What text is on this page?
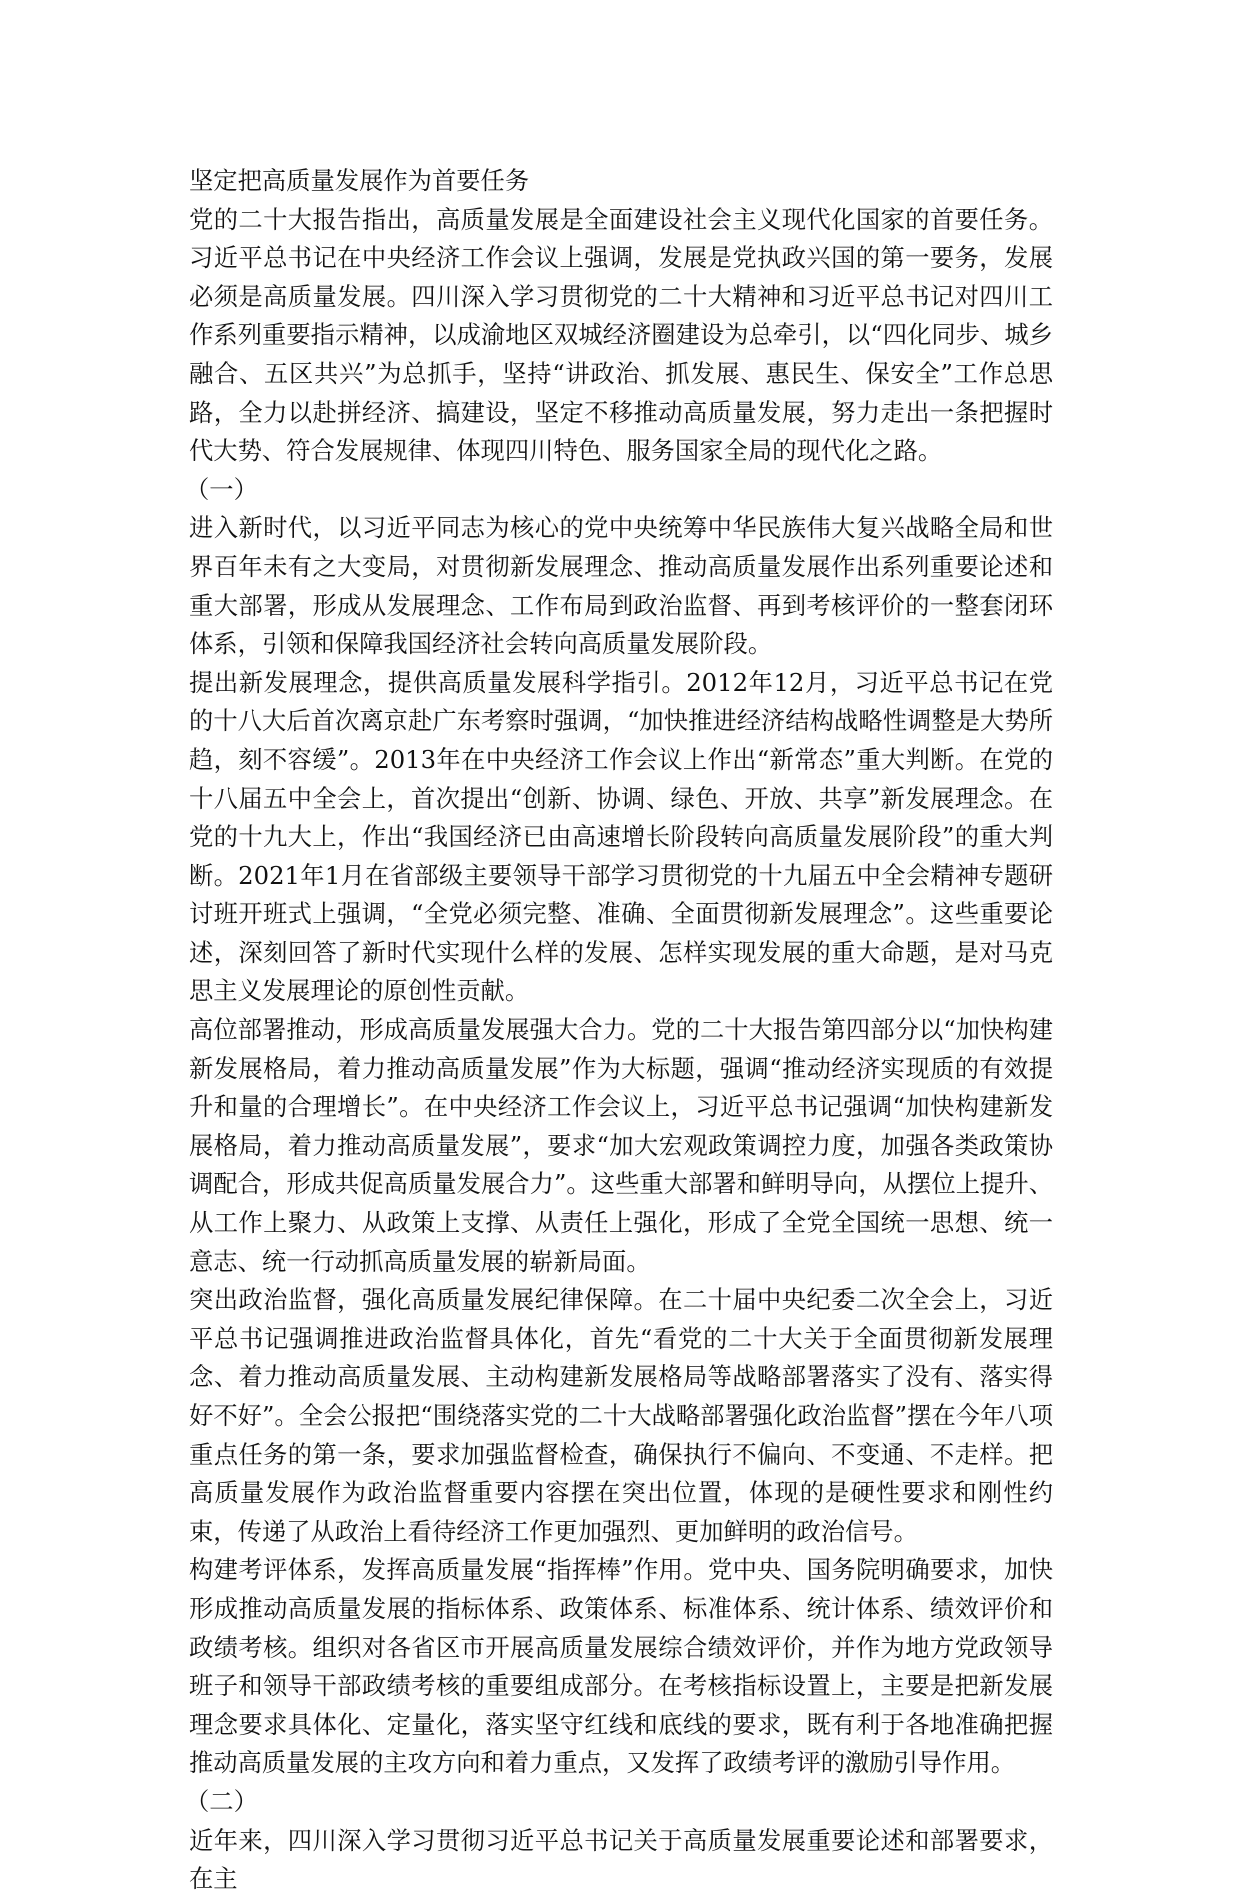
坚定把高质量发展作为首要任务

党的二十大报告指出，高质量发展是全面建设社会主义现代化国家的首要任务。习近平总书记在中央经济工作会议上强调，发展是党执政兴国的第一要务，发展必须是高质量发展。四川深入学习贯彻党的二十大精神和习近平总书记对四川工作系列重要指示精神，以成渝地区双城经济圈建设为总牵引，以“四化同步、城乡融合、五区共兴”为总抓手，坚持“讲政治、抓发展、惠民生、保安全”工作总思路，全力以赴拼经济、搞建设，坚定不移推动高质量发展，努力走出一条把握时代大势、符合发展规律、体现四川特色、服务国家全局的现代化之路。

（一）

进入新时代，以习近平同志为核心的党中央统筹中华民族伟大复兴战略全局和世界百年未有之大变局，对贯彻新发展理念、推动高质量发展作出系列重要论述和重大部署，形成从发展理念、工作布局到政治监督、再到考核评价的一整套闭环体系，引领和保障我国经济社会转向高质量发展阶段。

提出新发展理念，提供高质量发展科学指引。2012年12月，习近平总书记在党的十八大后首次离京赴广东考察时强调，“加快推进经济结构战略性调整是大势所趋，刻不容缓”。2013年在中央经济工作会议上作出“新常态”重大判断。在党的十八届五中全会上，首次提出“创新、协调、绿色、开放、共享”新发展理念。在党的十九大上，作出“我国经济已由高速增长阶段转向高质量发展阶段”的重大判断。2021年1月在省部级主要领导干部学习贯彻党的十九届五中全会精神专题研讨班开班式上强调，“全党必须完整、准确、全面贯彻新发展理念”。这些重要论述，深刻回答了新时代实现什么样的发展、怎样实现发展的重大命题，是对马克思主义发展理论的原创性贡献。

高位部署推动，形成高质量发展强大合力。党的二十大报告第四部分以“加快构建新发展格局，着力推动高质量发展”作为大标题，强调“推动经济实现质的有效提升和量的合理增长”。在中央经济工作会议上，习近平总书记强调“加快构建新发展格局，着力推动高质量发展”，要求“加大宏观政策调控力度，加强各类政策协调配合，形成共促高质量发展合力”。这些重大部署和鲜明导向，从摆位上提升、从工作上聚力、从政策上支撑、从责任上强化，形成了全党全国统一思想、统一意志、统一行动抓高质量发展的崭新局面。

突出政治监督，强化高质量发展纪律保障。在二十届中央纪委二次全会上，习近平总书记强调推进政治监督具体化，首先“看党的二十大关于全面贯彻新发展理念、着力推动高质量发展、主动构建新发展格局等战略部署落实了没有、落实得好不好”。全会公报把“围绕落实党的二十大战略部署强化政治监督”摆在今年八项重点任务的第一条，要求加强监督检查，确保执行不偏向、不变通、不走样。把高质量发展作为政治监督重要内容摆在突出位置，体现的是硬性要求和刚性约束，传递了从政治上看待经济工作更加强烈、更加鲜明的政治信号。

构建考评体系，发挥高质量发展“指挥棒”作用。党中央、国务院明确要求，加快形成推动高质量发展的指标体系、政策体系、标准体系、统计体系、绩效评价和政绩考核。组织对各省区市开展高质量发展综合绩效评价，并作为地方党政领导班子和领导干部政绩考核的重要组成部分。在考核指标设置上，主要是把新发展理念要求具体化、定量化，落实坚守红线和底线的要求，既有利于各地准确把握推动高质量发展的主攻方向和着力重点，又发挥了政绩考评的激励引导作用。

（二）

近年来，四川深入学习贯彻习近平总书记关于高质量发展重要论述和部署要求，在主
